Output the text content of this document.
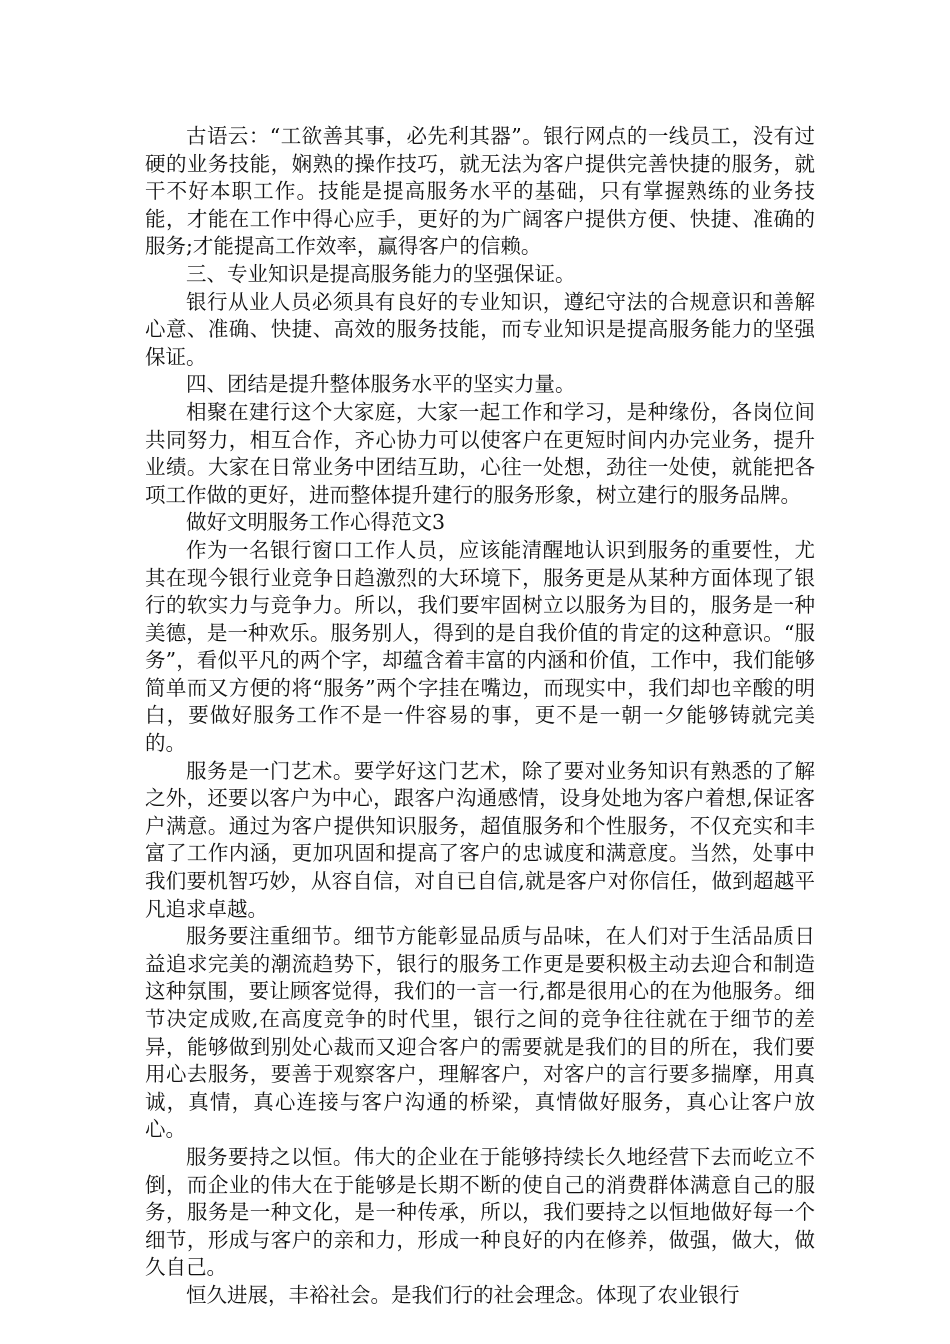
古语云：“工欲善其事，必先利其器”。银行网点的一线员工，没有过硬的业务技能，娴熟的操作技巧，就无法为客户提供完善快捷的服务，就干不好本职工作。技能是提高服务水平的基础，只有掌握熟练的业务技能，才能在工作中得心应手，更好的为广阔客户提供方便、快捷、准确的服务;才能提高工作效率，赢得客户的信赖。

三、专业知识是提高服务能力的坚强保证。

银行从业人员必须具有良好的专业知识，遵纪守法的合规意识和善解心意、准确、快捷、高效的服务技能，而专业知识是提高服务能力的坚强保证。

四、团结是提升整体服务水平的坚实力量。

相聚在建行这个大家庭，大家一起工作和学习，是种缘份，各岗位间共同努力，相互合作，齐心协力可以使客户在更短时间内办完业务，提升业绩。大家在日常业务中团结互助，心往一处想，劲往一处使，就能把各项工作做的更好，进而整体提升建行的服务形象，树立建行的服务品牌。

做好文明服务工作心得范文3

作为一名银行窗口工作人员，应该能清醒地认识到服务的重要性，尤其在现今银行业竞争日趋激烈的大环境下，服务更是从某种方面体现了银行的软实力与竞争力。所以，我们要牢固树立以服务为目的，服务是一种美德，是一种欢乐。服务别人，得到的是自我价值的肯定的这种意识。“服务”，看似平凡的两个字，却蕴含着丰富的内涵和价值，工作中，我们能够简单而又方便的将“服务”两个字挂在嘴边，而现实中，我们却也辛酸的明白，要做好服务工作不是一件容易的事，更不是一朝一夕能够铸就完美的。

服务是一门艺术。要学好这门艺术，除了要对业务知识有熟悉的了解之外，还要以客户为中心，跟客户沟通感情，设身处地为客户着想,保证客户满意。通过为客户提供知识服务，超值服务和个性服务，不仅充实和丰富了工作内涵，更加巩固和提高了客户的忠诚度和满意度。当然，处事中我们要机智巧妙，从容自信，对自已自信,就是客户对你信任，做到超越平凡追求卓越。

服务要注重细节。细节方能彰显品质与品味，在人们对于生活品质日益追求完美的潮流趋势下，银行的服务工作更是要积极主动去迎合和制造这种氛围，要让顾客觉得，我们的一言一行,都是很用心的在为他服务。细节决定成败,在高度竞争的时代里，银行之间的竞争往往就在于细节的差异，能够做到别处心裁而又迎合客户的需要就是我们的目的所在，我们要用心去服务，要善于观察客户，理解客户，对客户的言行要多揣摩，用真诚，真情，真心连接与客户沟通的桥梁，真情做好服务，真心让客户放心。

服务要持之以恒。伟大的企业在于能够持续长久地经营下去而屹立不倒，而企业的伟大在于能够是长期不断的使自己的消费群体满意自己的服务，服务是一种文化，是一种传承，所以，我们要持之以恒地做好每一个细节，形成与客户的亲和力，形成一种良好的内在修养，做强，做大，做久自己。

恒久进展，丰裕社会。是我们行的社会理念。体现了农业银行
